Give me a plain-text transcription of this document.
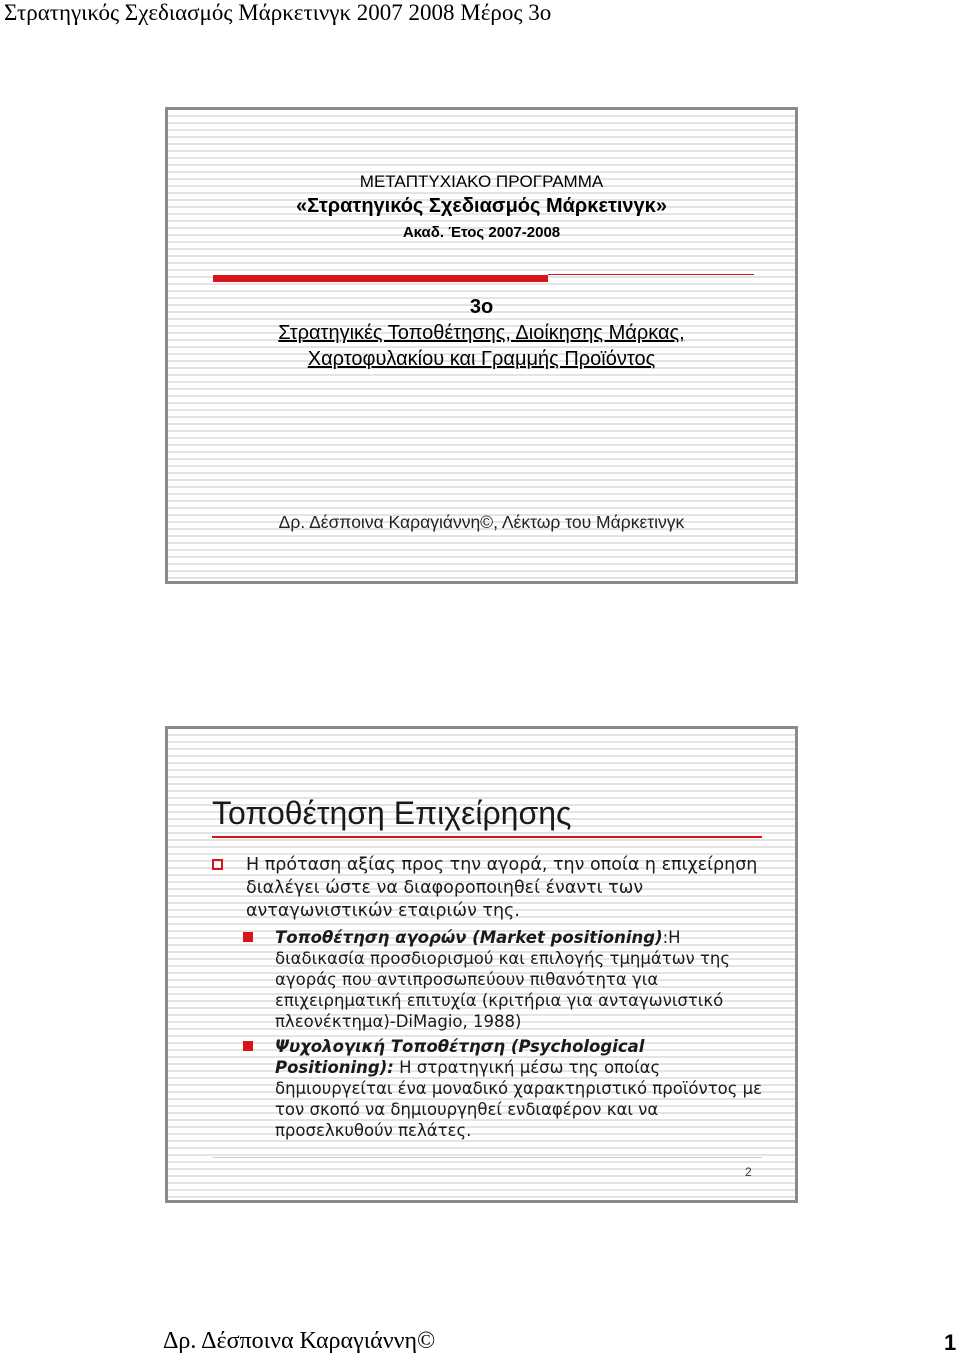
Στρατηγικός Σχεδιασμός Μάρκετινγκ 2007 2008 Μέρος 3ο
ΜΕΤΑΠΤΥΧΙΑΚΟ ΠΡΟΓΡΑΜΜΑ
«Στρατηγικός Σχεδιασμός Μάρκετινγκ»
Ακαδ. Έτος 2007-2008
3ο
Στρατηγικές Τοποθέτησης, Διοίκησης Μάρκας,
Χαρτοφυλακίου και Γραμμής Προϊόντος
Δρ. Δέσποινα Καραγιάννη©, Λέκτωρ του Μάρκετινγκ
Τοποθέτηση Επιχείρησης
Η πρόταση αξίας προς την αγορά, την οποία η επιχείρηση διαλέγει ώστε να διαφοροποιηθεί έναντι των ανταγωνιστικών εταιριών της.
Τοποθέτηση αγορών (Market positioning):Η διαδικασία προσδιορισμού και επιλογής τμημάτων της αγοράς που αντιπροσωπεύουν πιθανότητα για επιχειρηματική επιτυχία (κριτήρια για ανταγωνιστικό πλεονέκτημα)-DiMagio, 1988)
Ψυχολογική Τοποθέτηση (Psychological Positioning): Η στρατηγική μέσω της οποίας δημιουργείται ένα μοναδικό χαρακτηριστικό προϊόντος με τον σκοπό να δημιουργηθεί ενδιαφέρον και να προσελκυθούν πελάτες.
2
Δρ. Δέσποινα Καραγιάννη©	1
